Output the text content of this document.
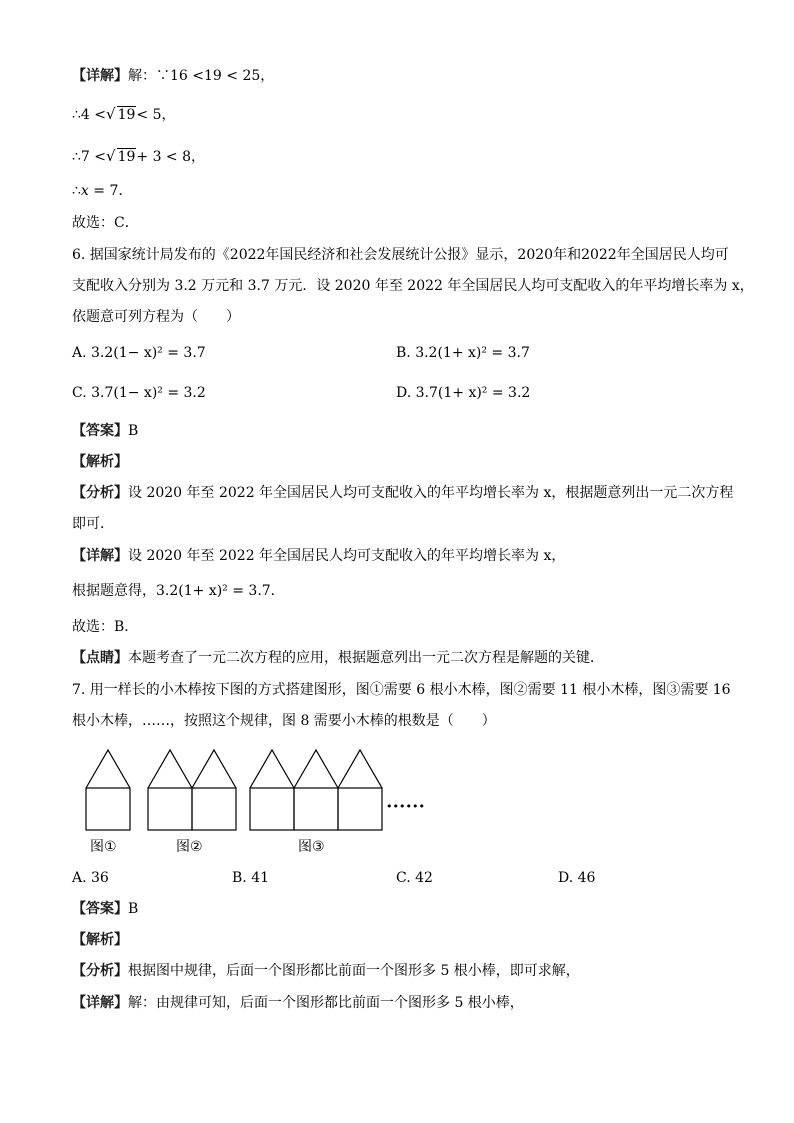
【详解】解：∵16 <19 < 25，
∴4 <√ 19< 5，
∴7 <√ 19+ 3 < 8，
∴x = 7．
故选：C．
6. 据国家统计局发布的《2022年国民经济和社会发展统计公报》显示，2020年和2022年全国居民人均可
支配收入分别为 3.2 万元和 3.7 万元．设 2020 年至 2022 年全国居民人均可支配收入的年平均增长率为 x，
依题意可列方程为（　　）
A. 3.2(1− x)² = 3.7	B. 3.2(1+ x)² = 3.7
C. 3.7(1− x)² = 3.2	D. 3.7(1+ x)² = 3.2
【答案】B
【解析】
【分析】设 2020 年至 2022 年全国居民人均可支配收入的年平均增长率为 x，根据题意列出一元二次方程
即可．
【详解】设 2020 年至 2022 年全国居民人均可支配收入的年平均增长率为 x，
根据题意得，3.2(1+ x)² = 3.7．
故选：B．
【点睛】本题考查了一元二次方程的应用，根据题意列出一元二次方程是解题的关键．
7. 用一样长的小木棒按下图的方式搭建图形，图①需要 6 根小木棒，图②需要 11 根小木棒，图③需要 16
根小木棒，……，按照这个规律，图 8 需要小木棒的根数是（　　）
••••••
图①	图②	图③
A. 36	B. 41	C. 42	D. 46
【答案】B
【解析】
【分析】根据图中规律，后面一个图形都比前面一个图形多 5 根小棒，即可求解，
【详解】解：由规律可知，后面一个图形都比前面一个图形多 5 根小棒，
